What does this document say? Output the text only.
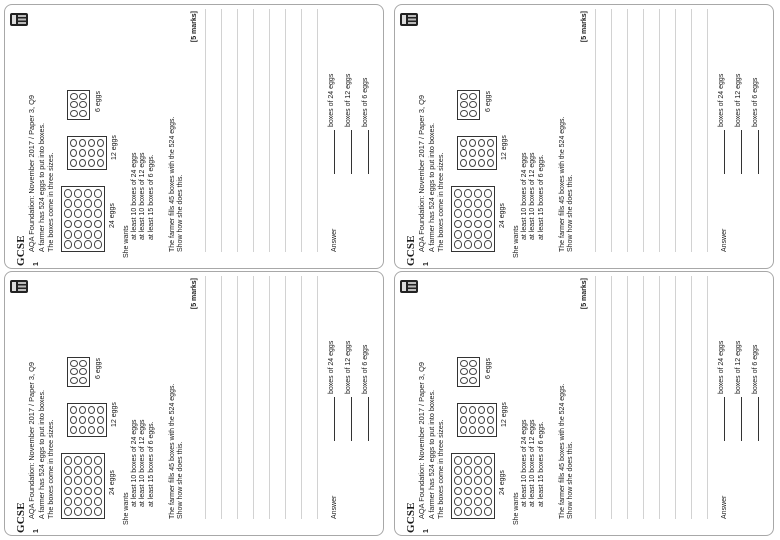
GCSE 1
AQA Foundation: November 2017 / Paper 3, Q9 A farmer has 524 eggs to put into boxes. The boxes come in three sizes.	24 eggs
12 eggs
6 eggs
She wants
at least 10 boxes of 24 eggs at least 10 boxes of 12 eggs at least 15 boxes of 6 eggs. The farmer fills 45 boxes with the 524 eggs. Show how she does this.
[5 marks]
Answer
boxes of 24 eggs boxes of 12 eggs boxes of 6 eggs
GCSE 1
AQA Foundation: November 2017 / Paper 3, Q9 A farmer has 524 eggs to put into boxes. The boxes come in three sizes.	24 eggs
12 eggs
6 eggs
She wants
at least 10 boxes of 24 eggs at least 10 boxes of 12 eggs at least 15 boxes of 6 eggs. The farmer fills 45 boxes with the 524 eggs. Show how she does this.
[5 marks]
Answer
boxes of 24 eggs boxes of 12 eggs boxes of 6 eggs
GCSE 1
AQA Foundation: November 2017 / Paper 3, Q9 A farmer has 524 eggs to put into boxes. The boxes come in three sizes.	24 eggs
12 eggs
6 eggs
She wants
at least 10 boxes of 24 eggs at least 10 boxes of 12 eggs at least 15 boxes of 6 eggs. The farmer fills 45 boxes with the 524 eggs. Show how she does this.
[5 marks]
Answer
boxes of 24 eggs boxes of 12 eggs boxes of 6 eggs
GCSE 1
AQA Foundation: November 2017 / Paper 3, Q9 A farmer has 524 eggs to put into boxes. The boxes come in three sizes.	24 eggs
12 eggs
6 eggs
She wants
at least 10 boxes of 24 eggs at least 10 boxes of 12 eggs at least 15 boxes of 6 eggs. The farmer fills 45 boxes with the 524 eggs. Show how she does this.
[5 marks]
Answer
boxes of 24 eggs boxes of 12 eggs boxes of 6 eggs
